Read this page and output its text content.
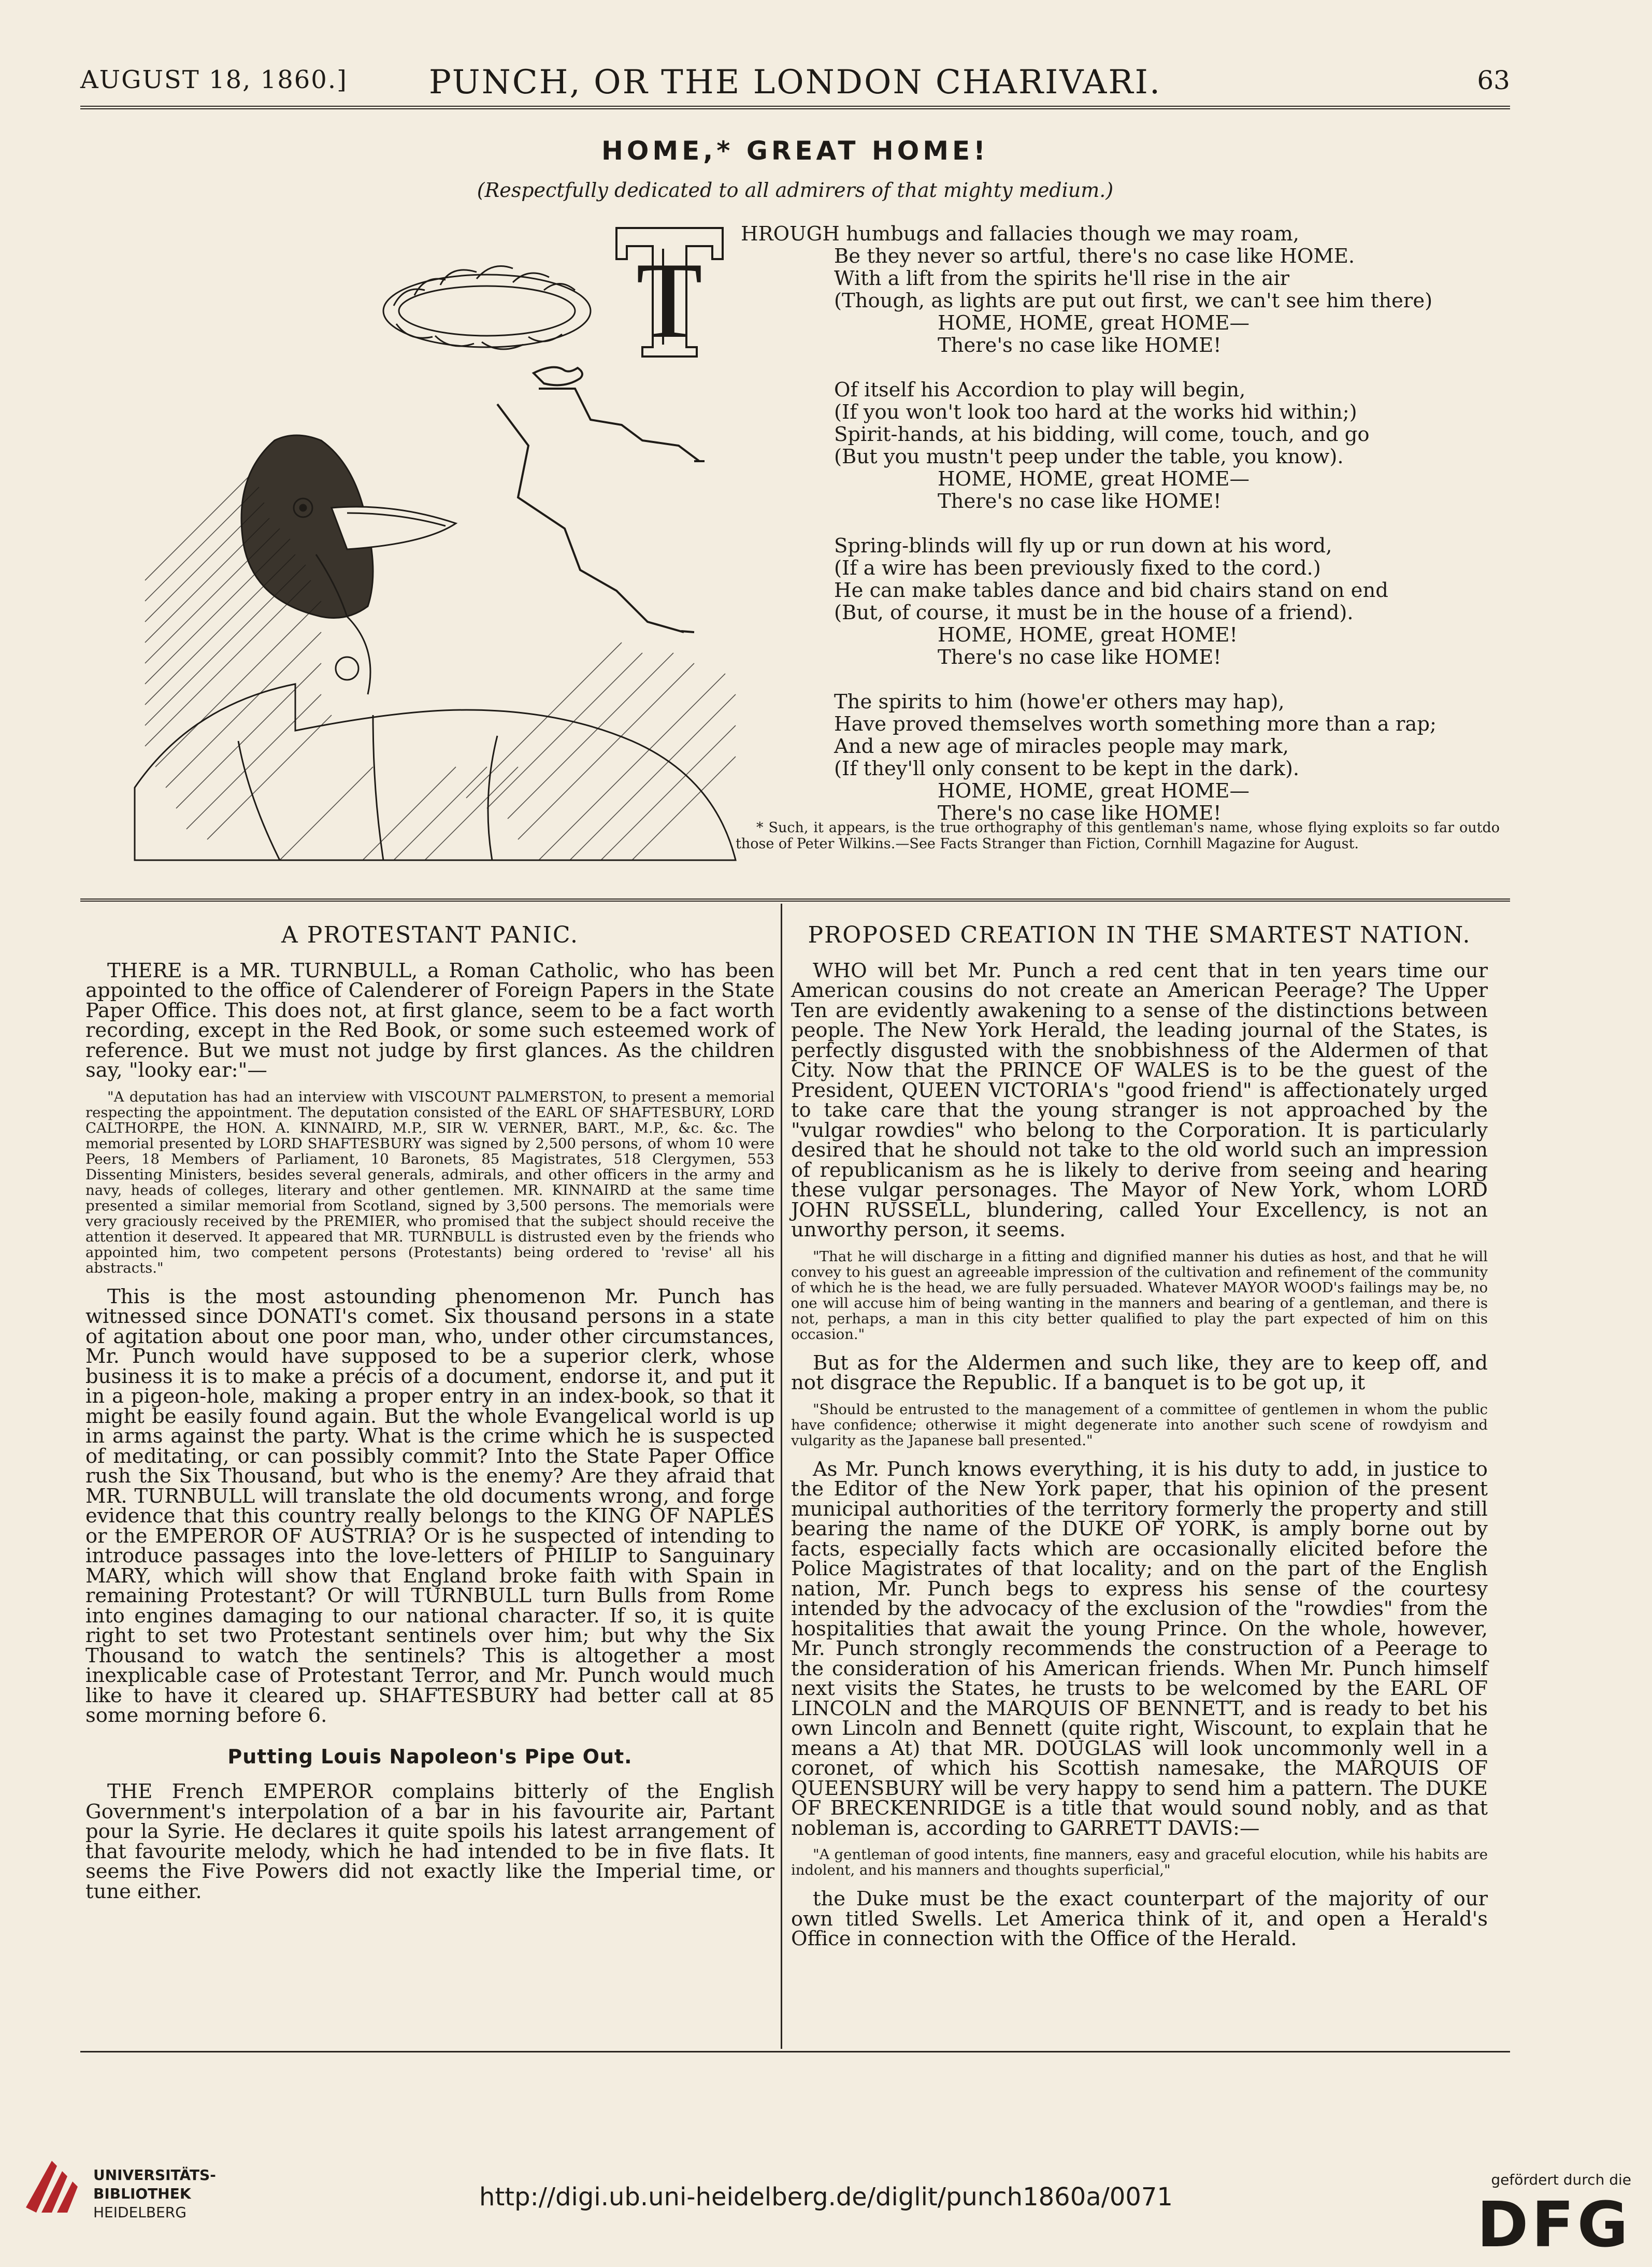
AUGUST 18, 1860.]	PUNCH, OR THE LONDON CHARIVARI.	63
HOME,* GREAT HOME!
(Respectfully dedicated to all admirers of that mighty medium.)
T
HROUGH humbugs and fallacies though we may roam,
Be they never so artful, there's no case like HOME.
With a lift from the spirits he'll rise in the air
(Though, as lights are put out first, we can't see him there)
HOME, HOME, great HOME—
There's no case like HOME!
Of itself his Accordion to play will begin,
(If you won't look too hard at the works hid within;)
Spirit-hands, at his bidding, will come, touch, and go
(But you mustn't peep under the table, you know).
HOME, HOME, great HOME—
There's no case like HOME!
Spring-blinds will fly up or run down at his word,
(If a wire has been previously fixed to the cord.)
He can make tables dance and bid chairs stand on end
(But, of course, it must be in the house of a friend).
HOME, HOME, great HOME!
There's no case like HOME!
The spirits to him (howe'er others may hap),
Have proved themselves worth something more than a rap;
And a new age of miracles people may mark,
(If they'll only consent to be kept in the dark).
HOME, HOME, great HOME—
There's no case like HOME!
* Such, it appears, is the true orthography of this gentleman's name, whose flying exploits so far outdo those of Peter Wilkins.—See Facts Stranger than Fiction, Cornhill Magazine for August.
A PROTESTANT PANIC.

THERE is a MR. TURNBULL, a Roman Catholic, who has been appointed to the office of Calenderer of Foreign Papers in the State Paper Office. This does not, at first glance, seem to be a fact worth recording, except in the Red Book, or some such esteemed work of reference. But we must not judge by first glances. As the children say, "looky ear:"—

"A deputation has had an interview with VISCOUNT PALMERSTON, to present a memorial respecting the appointment. The deputation consisted of the EARL OF SHAFTESBURY, LORD CALTHORPE, the HON. A. KINNAIRD, M.P., SIR W. VERNER, BART., M.P., &c. &c. The memorial presented by LORD SHAFTESBURY was signed by 2,500 persons, of whom 10 were Peers, 18 Members of Parliament, 10 Baronets, 85 Magistrates, 518 Clergymen, 553 Dissenting Ministers, besides several generals, admirals, and other officers in the army and navy, heads of colleges, literary and other gentlemen. MR. KINNAIRD at the same time presented a similar memorial from Scotland, signed by 3,500 persons. The memorials were very graciously received by the PREMIER, who promised that the subject should receive the attention it deserved. It appeared that MR. TURNBULL is distrusted even by the friends who appointed him, two competent persons (Protestants) being ordered to 'revise' all his abstracts."

This is the most astounding phenomenon Mr. Punch has witnessed since DONATI's comet. Six thousand persons in a state of agitation about one poor man, who, under other circumstances, Mr. Punch would have supposed to be a superior clerk, whose business it is to make a précis of a document, endorse it, and put it in a pigeon-hole, making a proper entry in an index-book, so that it might be easily found again. But the whole Evangelical world is up in arms against the party. What is the crime which he is suspected of meditating, or can possibly commit? Into the State Paper Office rush the Six Thousand, but who is the enemy? Are they afraid that MR. TURNBULL will translate the old documents wrong, and forge evidence that this country really belongs to the KING OF NAPLES or the EMPEROR OF AUSTRIA? Or is he suspected of intending to introduce passages into the love-letters of PHILIP to Sanguinary MARY, which will show that England broke faith with Spain in remaining Protestant? Or will TURNBULL turn Bulls from Rome into engines damaging to our national character. If so, it is quite right to set two Protestant sentinels over him; but why the Six Thousand to watch the sentinels? This is altogether a most inexplicable case of Protestant Terror, and Mr. Punch would much like to have it cleared up. SHAFTESBURY had better call at 85 some morning before 6.

Putting Louis Napoleon's Pipe Out.

THE French EMPEROR complains bitterly of the English Government's interpolation of a bar in his favourite air, Partant pour la Syrie. He declares it quite spoils his latest arrangement of that favourite melody, which he had intended to be in five flats. It seems the Five Powers did not exactly like the Imperial time, or tune either.

PROPOSED CREATION IN THE SMARTEST NATION.

WHO will bet Mr. Punch a red cent that in ten years time our American cousins do not create an American Peerage? The Upper Ten are evidently awakening to a sense of the distinctions between people. The New York Herald, the leading journal of the States, is perfectly disgusted with the snobbishness of the Aldermen of that City. Now that the PRINCE OF WALES is to be the guest of the President, QUEEN VICTORIA's "good friend" is affectionately urged to take care that the young stranger is not approached by the "vulgar rowdies" who belong to the Corporation. It is particularly desired that he should not take to the old world such an impression of republicanism as he is likely to derive from seeing and hearing these vulgar personages. The Mayor of New York, whom LORD JOHN RUSSELL, blundering, called Your Excellency, is not an unworthy person, it seems.

"That he will discharge in a fitting and dignified manner his duties as host, and that he will convey to his guest an agreeable impression of the cultivation and refinement of the community of which he is the head, we are fully persuaded. Whatever MAYOR WOOD's failings may be, no one will accuse him of being wanting in the manners and bearing of a gentleman, and there is not, perhaps, a man in this city better qualified to play the part expected of him on this occasion."

But as for the Aldermen and such like, they are to keep off, and not disgrace the Republic. If a banquet is to be got up, it

"Should be entrusted to the management of a committee of gentlemen in whom the public have confidence; otherwise it might degenerate into another such scene of rowdyism and vulgarity as the Japanese ball presented."

As Mr. Punch knows everything, it is his duty to add, in justice to the Editor of the New York paper, that his opinion of the present municipal authorities of the territory formerly the property and still bearing the name of the DUKE OF YORK, is amply borne out by facts, especially facts which are occasionally elicited before the Police Magistrates of that locality; and on the part of the English nation, Mr. Punch begs to express his sense of the courtesy intended by the advocacy of the exclusion of the "rowdies" from the hospitalities that await the young Prince. On the whole, however, Mr. Punch strongly recommends the construction of a Peerage to the consideration of his American friends. When Mr. Punch himself next visits the States, he trusts to be welcomed by the EARL OF LINCOLN and the MARQUIS OF BENNETT, and is ready to bet his own Lincoln and Bennett (quite right, Wiscount, to explain that he means a At) that MR. DOUGLAS will look uncommonly well in a coronet, of which his Scottish namesake, the MARQUIS OF QUEENSBURY will be very happy to send him a pattern. The DUKE OF BRECKENRIDGE is a title that would sound nobly, and as that nobleman is, according to GARRETT DAVIS:—

"A gentleman of good intents, fine manners, easy and graceful elocution, while his habits are indolent, and his manners and thoughts superficial,"

the Duke must be the exact counterpart of the majority of our own titled Swells. Let America think of it, and open a Herald's Office in connection with the Office of the Herald.

UNIVERSITÄTS-
BIBLIOTHEK
HEIDELBERG
http://digi.ub.uni-heidelberg.de/diglit/punch1860a/0071
gefördert durch die
DFG
